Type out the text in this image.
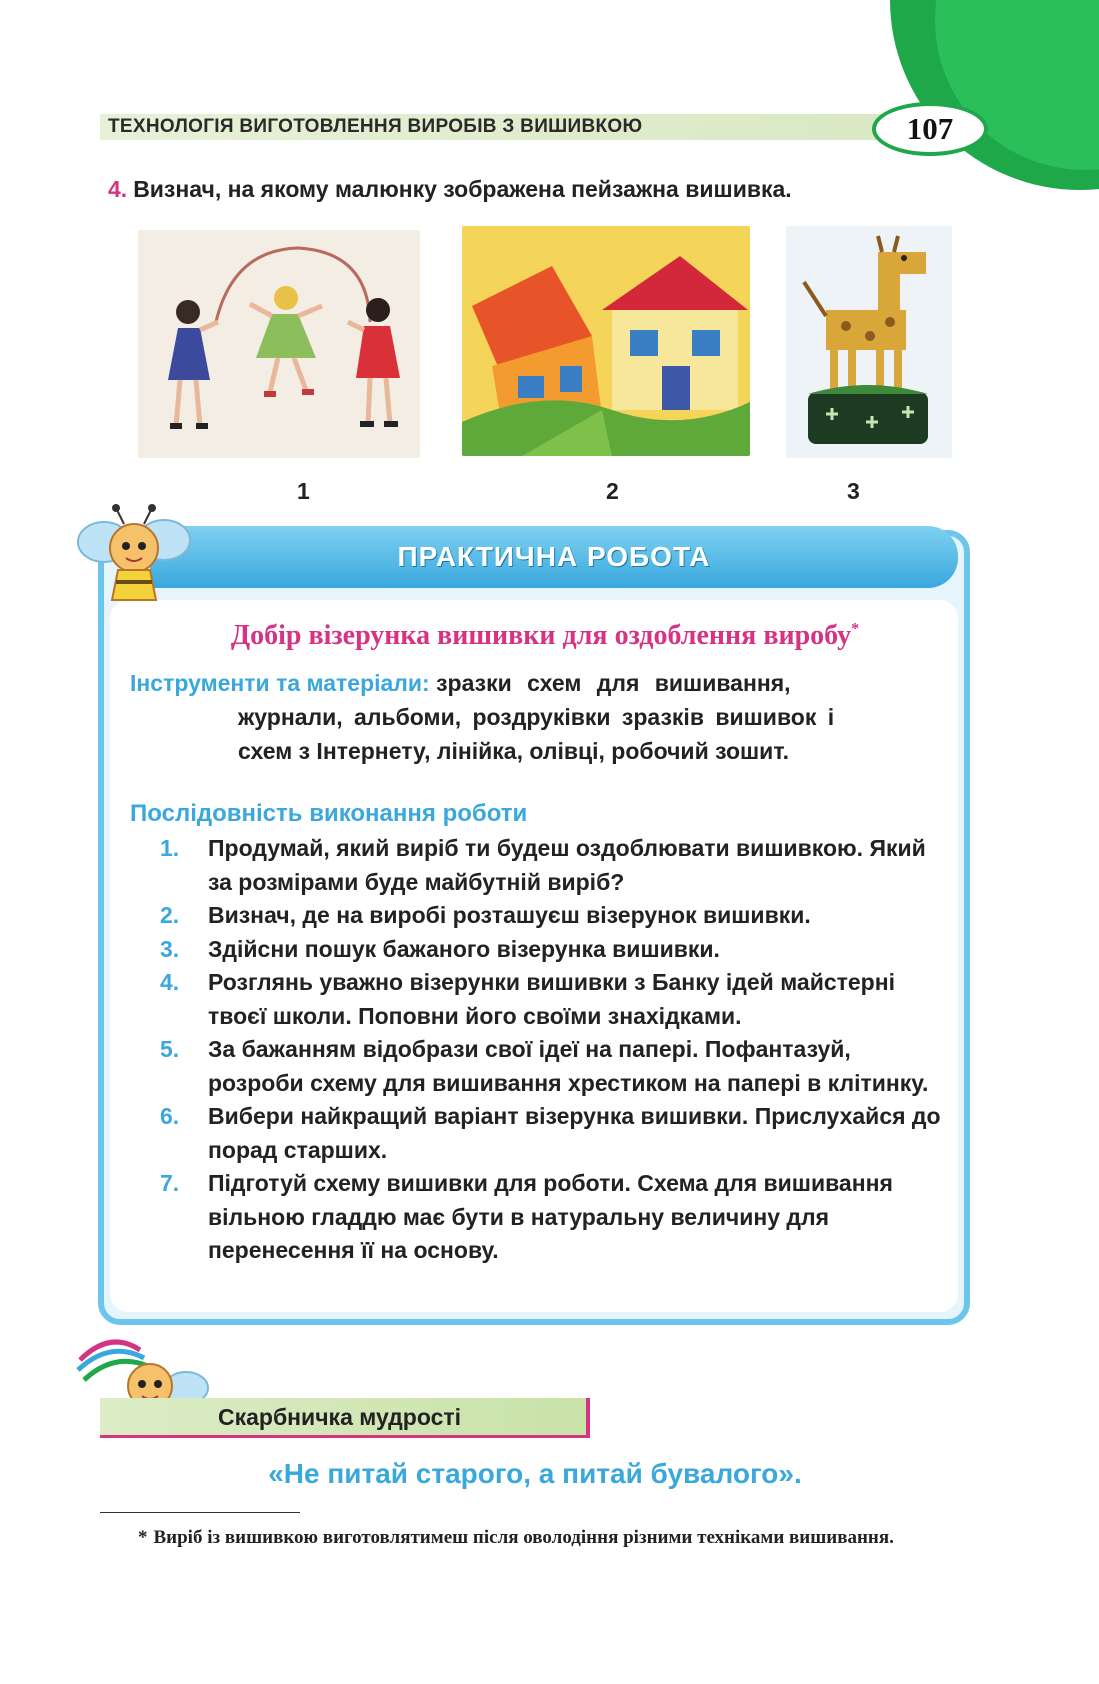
ТЕХНОЛОГІЯ ВИГОТОВЛЕННЯ ВИРОБІВ З ВИШИВКОЮ	107
4. Визнач, на якому малюнку зображена пейзажна вишивка.
1	2	3
ПРАКТИЧНА РОБОТА
Добір візерунка вишивки для оздоблення виробу*
Інструменти та матеріали: зразки схем для вишивання,
журнали, альбоми, роздруківки зразків вишивок і
схем з Інтернету, лінійка, олівці, робочий зошит.
Послідовність виконання роботи
1. Продумай, який виріб ти будеш оздоблювати вишивкою. Який за розмірами буде майбутній виріб?
2. Визнач, де на виробі розташуєш візерунок вишивки.
3. Здійсни пошук бажаного візерунка вишивки.
4. Розглянь уважно візерунки вишивки з Банку ідей майстерні твоєї школи. Поповни його своїми знахідками.
5. За бажанням відобрази свої ідеї на папері. Пофантазуй, розроби схему для вишивання хрестиком на папері в клітинку.
6. Вибери найкращий варіант візерунка вишивки. Прислухайся до порад старших.
7. Підготуй схему вишивки для роботи. Схема для вишивання вільною гладдю має бути в натуральну величину для перенесення її на основу.
Скарбничка мудрості
«Не питай старого, а питай бувалого».
* Виріб із вишивкою виготовлятимеш після оволодіння різними техніками вишивання.
